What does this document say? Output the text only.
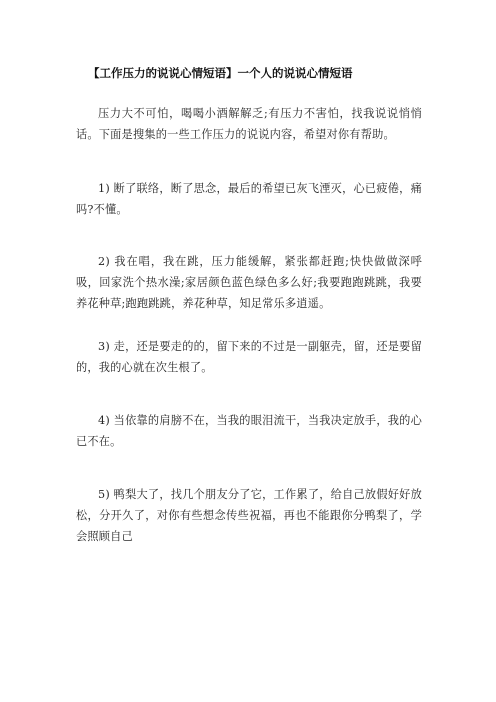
【工作压力的说说心情短语】一个人的说说心情短语

压力大不可怕，喝喝小酒解解乏;有压力不害怕，找我说说悄悄话。下面是搜集的一些工作压力的说说内容，希望对你有帮助。

1) 断了联络，断了思念，最后的希望已灰飞湮灭，心已疲倦，痛吗?不懂。

2) 我在唱，我在跳，压力能缓解，紧张都赶跑;快快做做深呼吸，回家洗个热水澡;家居颜色蓝色绿色多么好;我要跑跑跳跳，我要养花种草;跑跑跳跳，养花种草，知足常乐多逍遥。

3) 走，还是要走的的，留下来的不过是一副躯壳，留，还是要留的，我的心就在次生根了。

4) 当依靠的肩膀不在，当我的眼泪流干，当我决定放手，我的心已不在。

5) 鸭梨大了，找几个朋友分了它，工作累了，给自己放假好好放松，分开久了，对你有些想念传些祝福，再也不能跟你分鸭梨了，学会照顾自己
